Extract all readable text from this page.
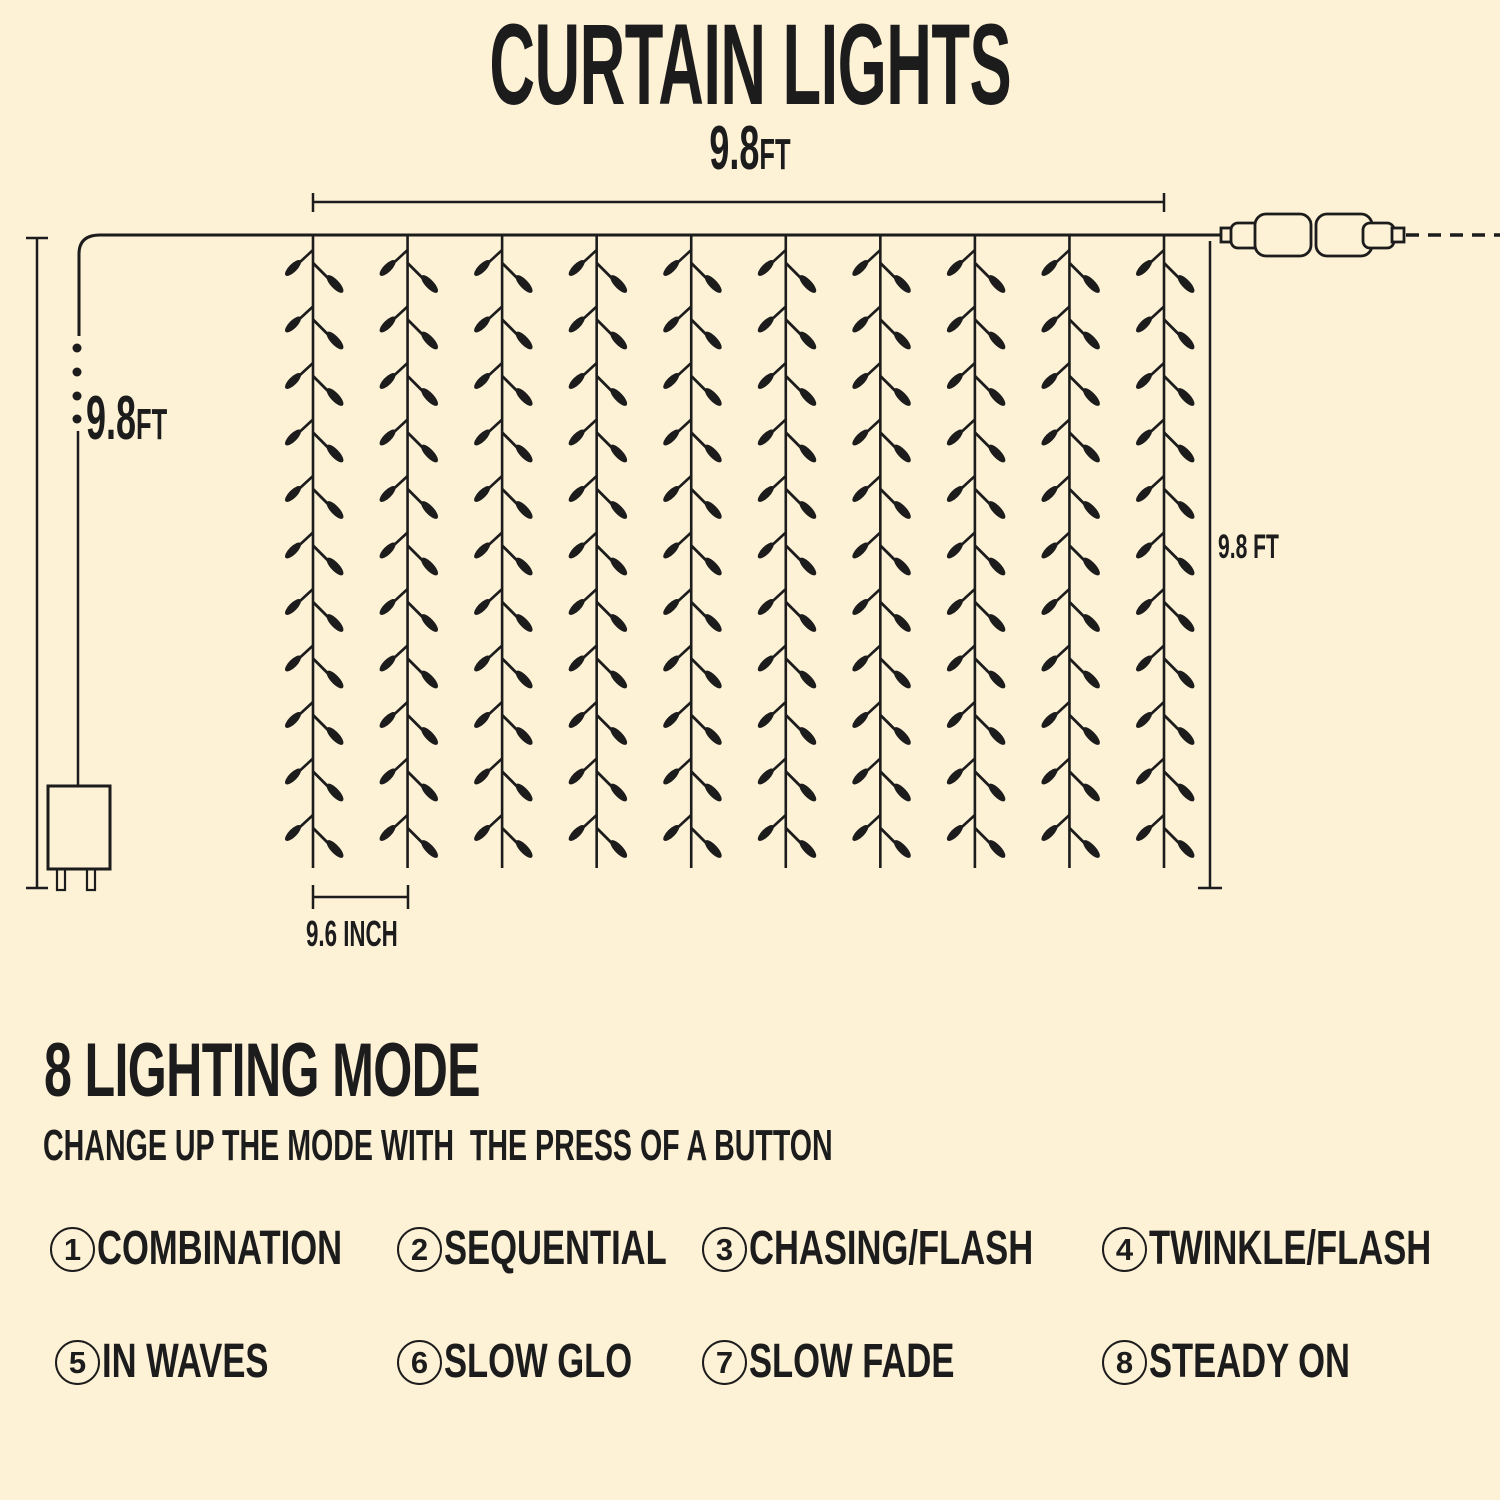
CURTAIN LIGHTS
9.8FT
9.8FT
9.8 FT
9.6 INCH
8 LIGHTING MODE
CHANGE UP THE MODE WITH  THE PRESS OF A BUTTON
1 COMBINATION	2 SEQUENTIAL	3 CHASING/FLASH	4 TWINKLE/FLASH
5 IN WAVES	6 SLOW GLO	7 SLOW FADE	8 STEADY ON
